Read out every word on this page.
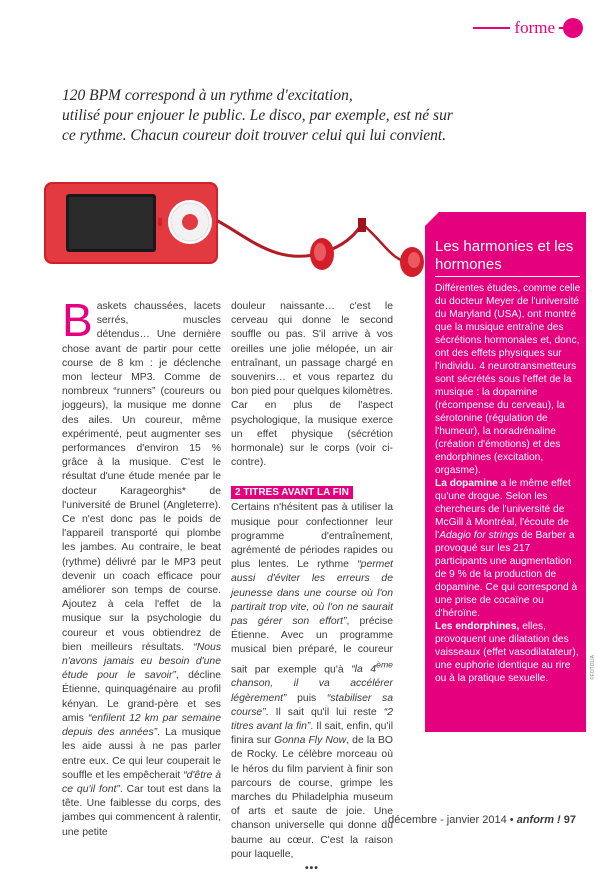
forme

120 BPM correspond à un rythme d'excitation,

utilisé pour enjouer le public. Le disco, par exemple, est né sur

ce rythme. Chacun coureur doit trouver celui qui lui convient.

B askets chaussées, lacets serrés, muscles détendus… Une dernière chose avant de partir pour cette course de 8 km : je déclenche mon lecteur MP3. Comme de nombreux “runners” (coureurs ou joggeurs), la musique me donne des ailes. Un coureur, même expérimenté, peut augmenter ses performances d'environ 15 % grâce à la musique. C'est le résultat d'une étude menée par le docteur Karageorghis* de l'université de Brunel (Angleterre). Ce n'est donc pas le poids de l'appareil transporté qui plombe les jambes. Au contraire, le beat (rythme) délivré par le MP3 peut devenir un coach efficace pour améliorer son temps de course. Ajoutez à cela l'effet de la musique sur la psychologie du coureur et vous obtiendrez de bien meilleurs résultats. “Nous n'avons jamais eu besoin d'une étude pour le savoir”, décline Étienne, quinquagénaire au profil kényan. Le grand-père et ses amis “enfilent 12 km par semaine depuis des années”. La musique les aide aussi à ne pas parler entre eux. Ce qui leur couperait le souffle et les empêcherait “d'être à ce qu'il font”. Car tout est dans la tête. Une faiblesse du corps, des jambes qui commencent à ralentir, une petite

douleur naissante… c'est le cerveau qui donne le second souffle ou pas. S'il arrive à vos oreilles une jolie mélopée, un air entraînant, un passage chargé en souvenirs… et vous repartez du bon pied pour quelques kilomètres. Car en plus de l'aspect psychologique, la musique exerce un effet physique (sécrétion hormonale) sur le corps (voir ci-contre).

2 TITRES AVANT LA FIN

Certains n'hésitent pas à utiliser la musique pour confectionner leur programme d'entraînement, agrémenté de périodes rapides ou plus lentes. Le rythme “permet aussi d'éviter les erreurs de jeunesse dans une course où l'on partirait trop vite, où l'on ne saurait pas gérer son effort”, précise Étienne. Avec un programme musical bien préparé, le coureur sait par exemple qu'à “la 4ème chanson, il va accélérer légèrement” puis “stabiliser sa course”. Il sait qu'il lui reste “2 titres avant la fin”. Il sait, enfin, qu'il finira sur Gonna Fly Now, de la BO de Rocky. Le célèbre morceau où le héros du film parvient à finir son parcours de course, grimpe les marches du Philadelphia museum of arts et saute de joie. Une chanson universelle qui donne du baume au cœur. C'est la raison pour laquelle,

•••

Les harmonies et les hormones

Différentes études, comme celle du docteur Meyer de l'université du Maryland (USA), ont montré que la musique entraîne des sécrétions hormonales et, donc, ont des effets physiques sur l'individu. 4 neurotransmetteurs sont sécrétés sous l'effet de la musique : la dopamine (récompense du cerveau), la sérotonine (régulation de l'humeur), la noradrénaline (création d'émotions) et des endorphines (excitation, orgasme).

La dopamine a le même effet qu'une drogue. Selon les chercheurs de l'université de McGill à Montréal, l'écoute de l'Adagio for strings de Barber a provoqué sur les 217 participants une augmentation de 9 % de la production de dopamine. Ce qui correspond à une prise de cocaïne ou d'héroïne.

Les endorphines, elles, provoquent une dilatation des vaisseaux (effet vasodilatateur), une euphorie identique au rire ou à la pratique sexuelle.	©FOTOLIA
décembre - janvier 2014 • anform ! 97
